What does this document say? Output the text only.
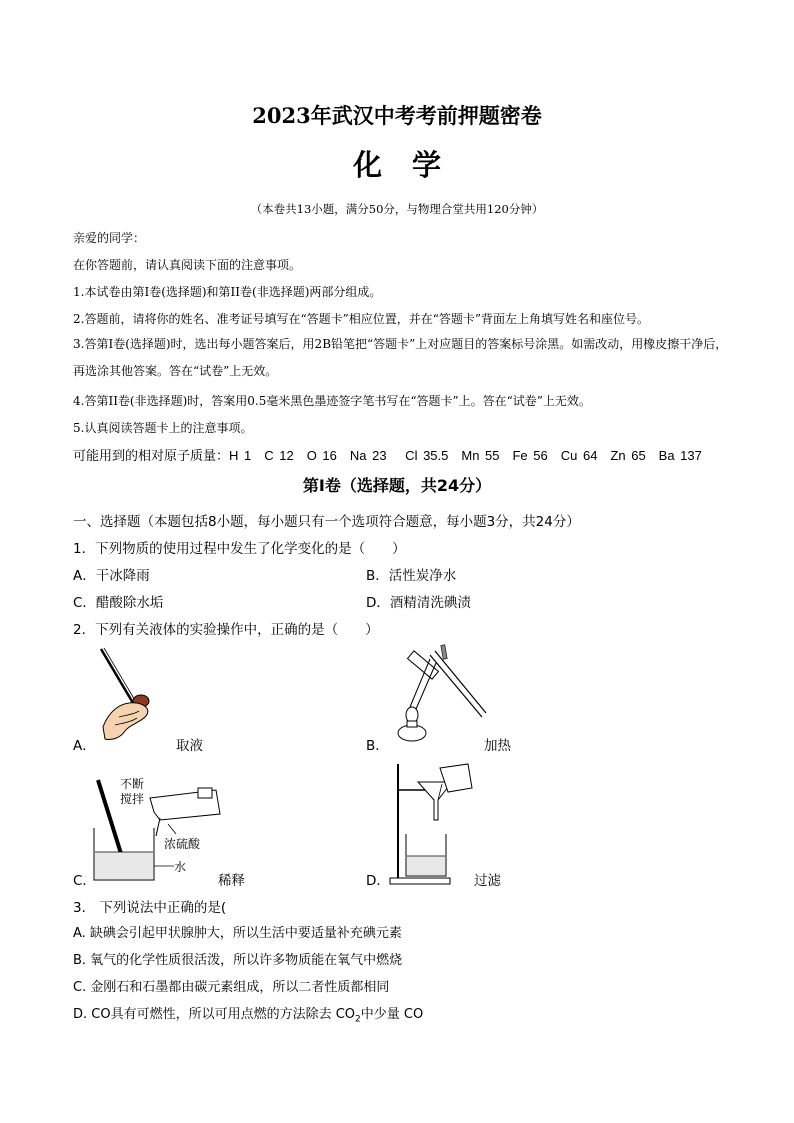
2023年武汉中考考前押题密卷
化学
（本卷共13小题，满分50分，与物理合堂共用120分钟）
亲爱的同学：
在你答题前，请认真阅读下面的注意事项。
1.本试卷由第I卷(选择题)和第II卷(非选择题)两部分组成。
2.答题前，请将你的姓名、准考证号填写在“答题卡”相应位置，并在“答题卡”背面左上角填写姓名和座位号。
3.答第I卷(选择题)时，选出每小题答案后，用2B铅笔把“答题卡”上对应题目的答案标号涂黑。如需改动，用橡皮擦干净后，再选涂其他答案。答在“试卷”上无效。
4.答第II卷(非选择题)时，答案用0.5毫米黑色墨迹签字笔书写在“答题卡”上。答在“试卷”上无效。
5.认真阅读答题卡上的注意事项。
可能用到的相对原子质量：H 1　C 12　O 16　Na 23　 Cl 35.5　Mn 55　Fe 56　Cu 64　Zn 65　Ba 137
第I卷（选择题，共24分）
一、选择题（本题包括8小题，每小题只有一个选项符合题意，每小题3分，共24分）
1．下列物质的使用过程中发生了化学变化的是（　　）
A．干冰降雨	B．活性炭净水
C．醋酸除水垢	D．酒精清洗碘渍
2．下列有关液体的实验操作中，正确的是（　　）
A．	取液	B．	加热
不断
搅拌
浓硫酸
水
C．	稀释	D．	过滤
3． 下列说法中正确的是(
A. 缺碘会引起甲状腺肿大，所以生活中要适量补充碘元素
B. 氧气的化学性质很活泼，所以许多物质能在氧气中燃烧
C. 金刚石和石墨都由碳元素组成，所以二者性质都相同
D. CO具有可燃性，所以可用点燃的方法除去 $CO_2$中少量 CO
